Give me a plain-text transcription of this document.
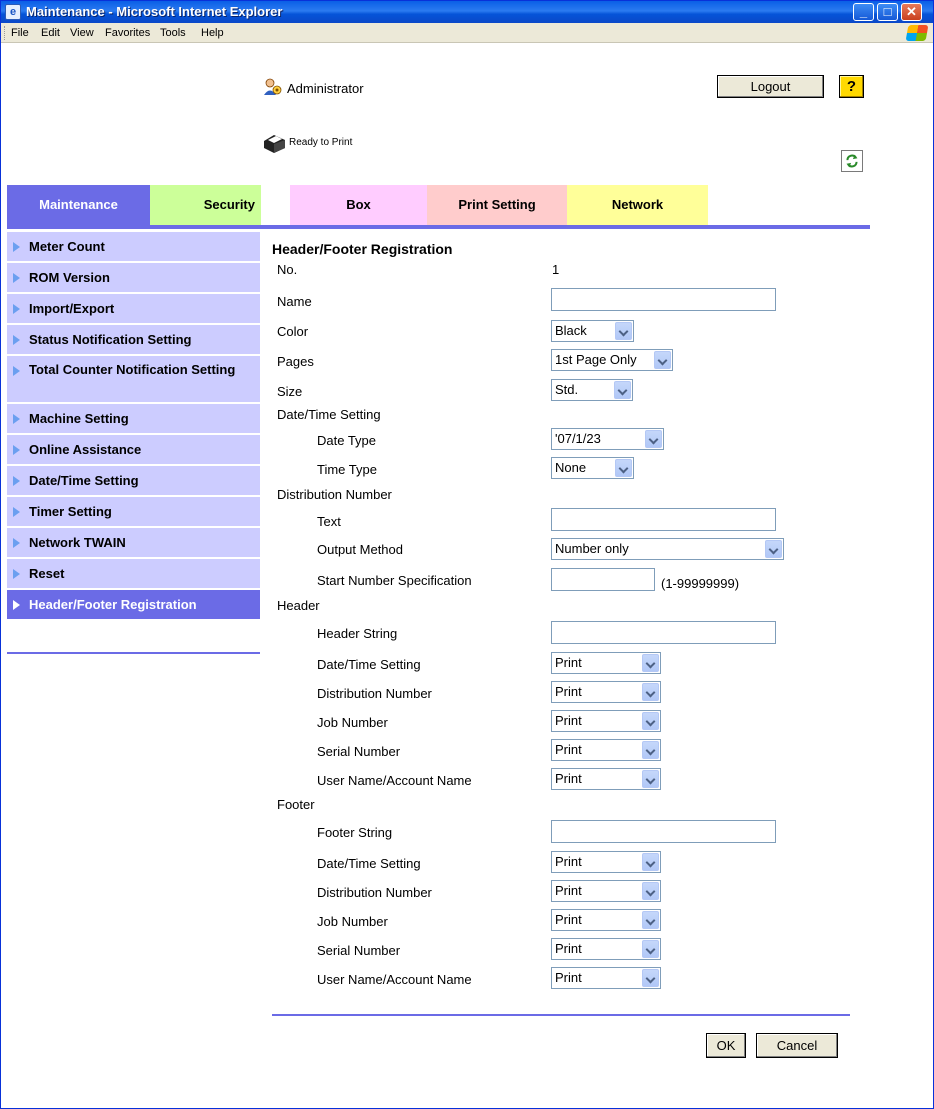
e Maintenance - Microsoft Internet Explorer	_	□	✕
File Edit View Favorites Tools Help
Administrator	Logout	?
Ready to Print
Maintenance	Security	Box	Print Setting	Network
Meter Count
ROM Version
Import/Export
Status Notification Setting
Total Counter Notification Setting
Machine Setting
Online Assistance
Date/Time Setting
Timer Setting
Network TWAIN
Reset
Header/Footer Registration
Header/Footer Registration
No.	1
Name
Color	Black
Pages	1st Page Only
Size	Std.
Date/Time Setting
Date Type	'07/1/23
Time Type	None
Distribution Number
Text
Output Method	Number only
Start Number Specification	(1-99999999)
Header
Header String
Date/Time Setting	Print
Distribution Number	Print
Job Number	Print
Serial Number	Print
User Name/Account Name	Print
Footer
Footer String
Date/Time Setting	Print
Distribution Number	Print
Job Number	Print
Serial Number	Print
User Name/Account Name	Print
OK	Cancel
